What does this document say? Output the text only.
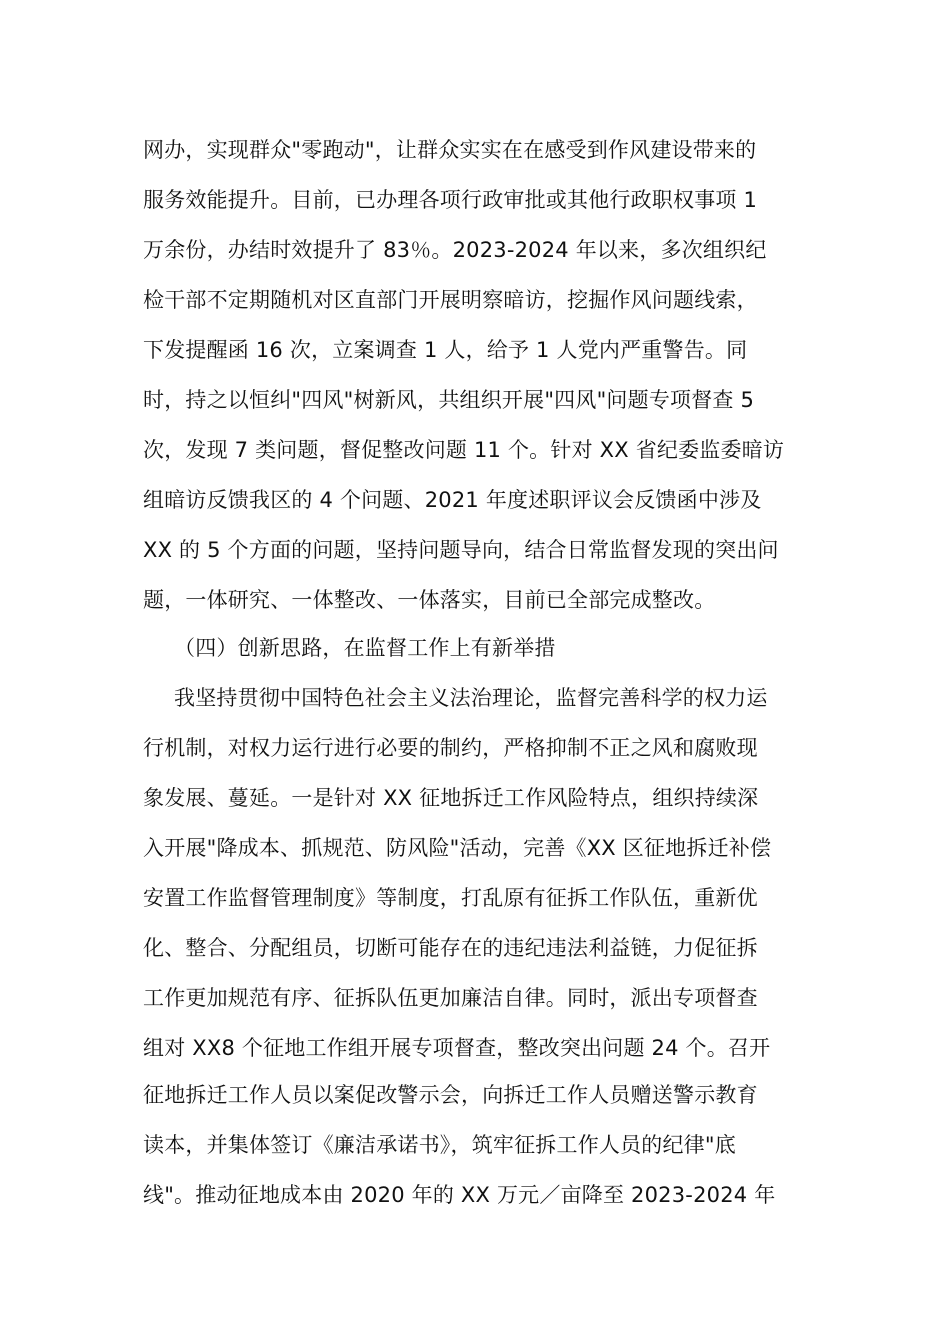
网办，实现群众"零跑动"，让群众实实在在感受到作风建设带来的
服务效能提升。目前，已办理各项行政审批或其他行政职权事项 1
万余份，办结时效提升了 83％。2023-2024 年以来，多次组织纪
检干部不定期随机对区直部门开展明察暗访，挖掘作风问题线索，
下发提醒函 16 次，立案调查 1 人，给予 1 人党内严重警告。同
时，持之以恒纠"四风"树新风，共组织开展"四风"问题专项督查 5
次，发现 7 类问题，督促整改问题 11 个。针对 XX 省纪委监委暗访
组暗访反馈我区的 4 个问题、2021 年度述职评议会反馈函中涉及
XX 的 5 个方面的问题，坚持问题导向，结合日常监督发现的突出问
题，一体研究、一体整改、一体落实，目前已全部完成整改。
（四）创新思路，在监督工作上有新举措
我坚持贯彻中国特色社会主义法治理论，监督完善科学的权力运
行机制，对权力运行进行必要的制约，严格抑制不正之风和腐败现
象发展、蔓延。一是针对 XX 征地拆迁工作风险特点，组织持续深
入开展"降成本、抓规范、防风险"活动，完善《XX 区征地拆迁补偿
安置工作监督管理制度》等制度，打乱原有征拆工作队伍，重新优
化、整合、分配组员，切断可能存在的违纪违法利益链，力促征拆
工作更加规范有序、征拆队伍更加廉洁自律。同时，派出专项督查
组对 XX8 个征地工作组开展专项督查，整改突出问题 24 个。召开
征地拆迁工作人员以案促改警示会，向拆迁工作人员赠送警示教育
读本，并集体签订《廉洁承诺书》，筑牢征拆工作人员的纪律"底
线"。推动征地成本由 2020 年的 XX 万元／亩降至 2023-2024 年
